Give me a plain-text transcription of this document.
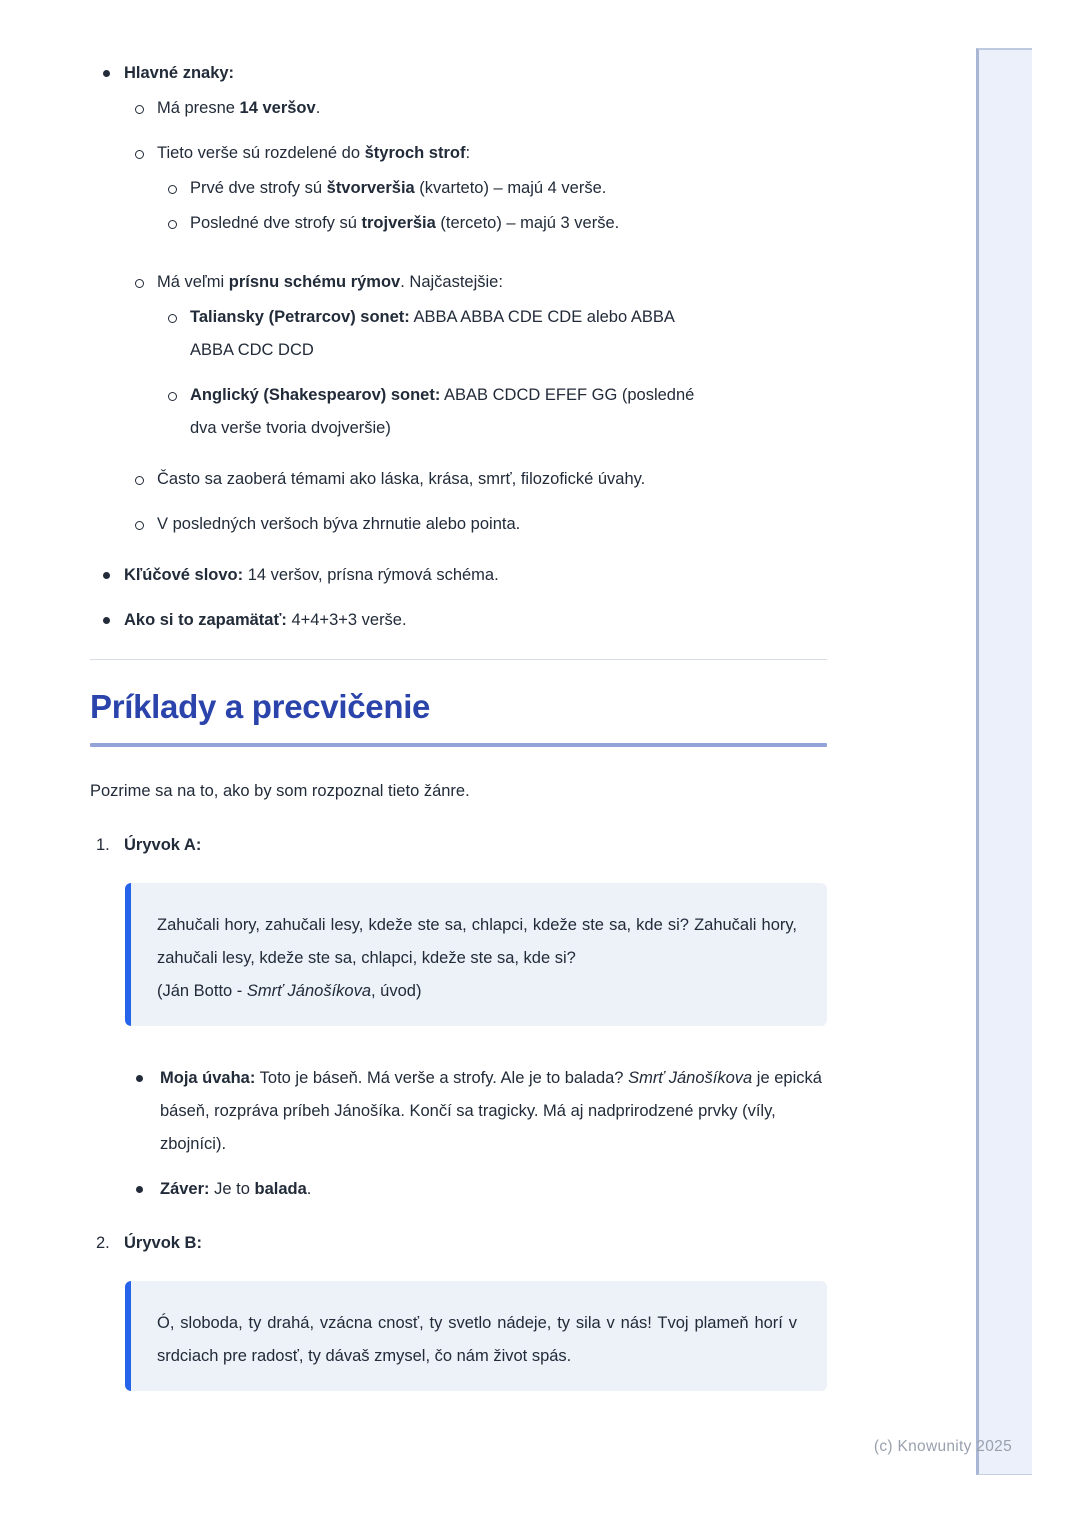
(c) Knowunity 2025
Hlavné znaky:
Má presne 14 veršov.
Tieto verše sú rozdelené do štyroch strof:
Prvé dve strofy sú štvorveršia (kvarteto) – majú 4 verše.
Posledné dve strofy sú trojveršia (terceto) – majú 3 verše.
Má veľmi prísnu schému rýmov. Najčastejšie:
Taliansky (Petrarcov) sonet: ABBA ABBA CDE CDE alebo ABBA
ABBA CDC DCD
Anglický (Shakespearov) sonet: ABAB CDCD EFEF GG (posledné
dva verše tvoria dvojveršie)
Často sa zaoberá témami ako láska, krása, smrť, filozofické úvahy.
V posledných veršoch býva zhrnutie alebo pointa.
Kľúčové slovo: 14 veršov, prísna rýmová schéma.
Ako si to zapamätať: 4+4+3+3 verše.
Príklady a precvičenie

Pozrime sa na to, ako by som rozpoznal tieto žánre.

1. Úryvok A:

Zahučali hory, zahučali lesy, kdeže ste sa, chlapci, kdeže ste sa, kde si? Zahučali hory, zahučali lesy, kdeže ste sa, chlapci, kdeže ste sa, kde si?

(Ján Botto - Smrť Jánošíkova, úvod)

Moja úvaha: Toto je báseň. Má verše a strofy. Ale je to balada? Smrť Jánošíkova je epická báseň, rozpráva príbeh Jánošíka. Končí sa tragicky. Má aj nadprirodzené prvky (víly, zbojníci).
Záver: Je to balada.
2. Úryvok B:

Ó, sloboda, ty drahá, vzácna cnosť, ty svetlo nádeje, ty sila v nás! Tvoj plameň horí v srdciach pre radosť, ty dávaš zmysel, čo nám život spás.
